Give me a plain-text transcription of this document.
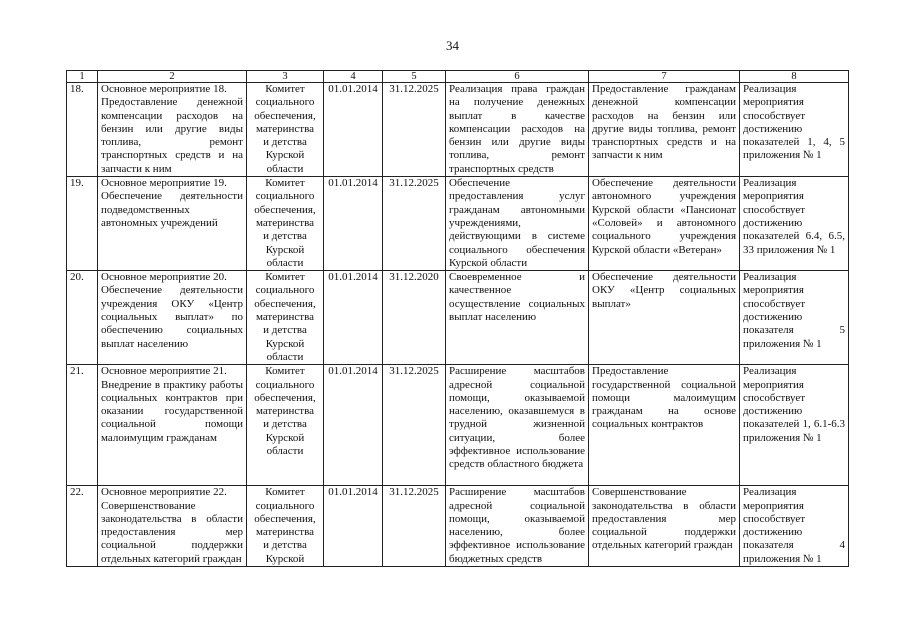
34
1	2	3	4	5	6	7	8
18.	Основное мероприятие 18.
Предоставление денежной компенсации расходов на бензин или другие виды топлива, ремонт транспортных средств и на запчасти к ним	Комитет
социального обеспечения, материнства
и детства
Курской
области	01.01.2014	31.12.2025	Реализация права граждан на получение денежных выплат в качестве компенсации расходов на бензин или другие виды топлива, ремонт транспортных средств	Предоставление гражданам денежной компенсации расходов на бензин или другие виды топлива, ремонт транспортных средств и на запчасти к ним	Реализация мероприятия способствует достижению показателей 1, 4, 5 приложения № 1
19.	Основное мероприятие 19.
Обеспечение деятельности подведомственных автономных учреждений	Комитет
социального обеспечения, материнства
и детства
Курской
области	01.01.2014	31.12.2025	Обеспечение предоставления услуг гражданам автономными учреждениями, действующими в системе социального обеспечения Курской области	Обеспечение деятельности автономного учреждения Курской области «Пансионат «Соловей» и автономного социального учреждения Курской области «Ветеран»	Реализация мероприятия способствует достижению показателей 6.4, 6.5, 33 приложения № 1
20.	Основное мероприятие 20.
Обеспечение деятельности учреждения ОКУ «Центр социальных выплат» по обеспечению социальных выплат населению	Комитет
социального обеспечения, материнства
и детства
Курской
области	01.01.2014	31.12.2020	Своевременное и качественное осуществление социальных выплат населению	Обеспечение деятельности ОКУ «Центр социальных выплат»	Реализация мероприятия способствует достижению показателя 5 приложения № 1
21.	Основное мероприятие 21.
Внедрение в практику работы социальных контрактов при оказании государственной социальной помощи малоимущим гражданам	Комитет
социального обеспечения, материнства
и детства
Курской
области	01.01.2014	31.12.2025	Расширение масштабов адресной социальной помощи, оказываемой населению, оказавшемуся в трудной жизненной ситуации, более эффективное использование средств областного бюджета	Предоставление государственной социальной помощи малоимущим гражданам на основе социальных контрактов	Реализация мероприятия способствует достижению показателей 1, 6.1-6.3 приложения № 1
22.	Основное мероприятие 22.
Совершенствование законодательства в области предоставления мер социальной поддержки отдельных категорий граждан	Комитет
социального обеспечения, материнства
и детства
Курской	01.01.2014	31.12.2025	Расширение масштабов адресной социальной помощи, оказываемой населению, более эффективное использование бюджетных средств	Совершенствование законодательства в области предоставления мер социальной поддержки отдельных категорий граждан	Реализация мероприятия способствует достижению показателя 4 приложения № 1
